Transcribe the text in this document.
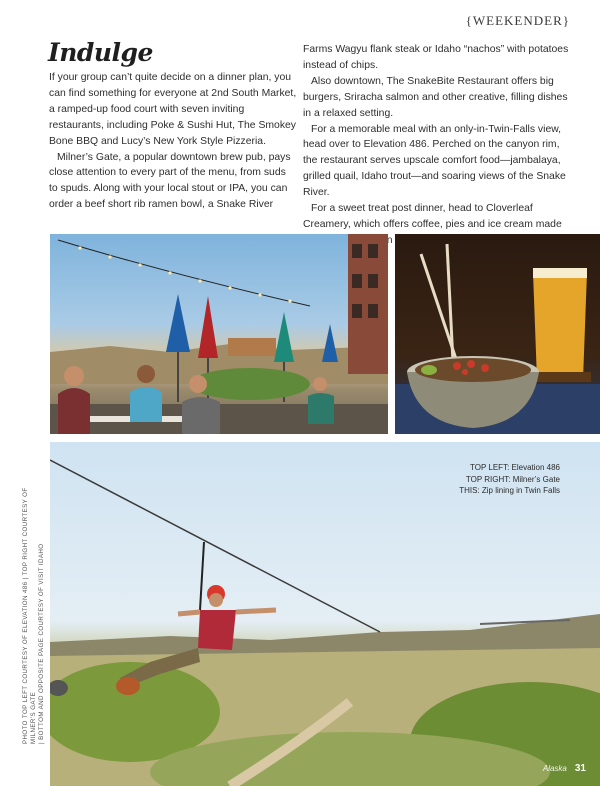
{WEEKENDER}
Indulge

If your group can’t quite decide on a dinner plan, you can find something for everyone at 2nd South Market, a ramped-up food court with seven inviting restaurants, including Poke & Sushi Hut, The Smokey Bone BBQ and Lucy’s New York Style Pizzeria.

Milner’s Gate, a popular downtown brew pub, pays close attention to every part of the menu, from suds to spuds. Along with your local stout or IPA, you can order a beef short rib ramen bowl, a Snake River

Farms Wagyu flank steak or Idaho “nachos” with potatoes instead of chips.

Also downtown, The SnakeBite Restaurant offers big burgers, Sriracha salmon and other creative, filling dishes in a relaxed setting.

For a memorable meal with an only-in-Twin-Falls view, head over to Elevation 486. Perched on the canyon rim, the restaurant serves upscale comfort food—jambalaya, grilled quail, Idaho trout—and soaring views of the Snake River.

For a sweet treat post dinner, head to Cloverleaf Creamery, which offers coffee, pies and ice cream made in

TOP LEFT: Elevation 486
TOP RIGHT: Milner’s Gate
THIS: Zip lining in Twin Falls
PHOTO TOP LEFT COURTESY OF ELEVATION 486 | TOP RIGHT COURTESY OF MILNER’S GATE | BOTTOM AND OPPOSITE PAGE COURTESY OF VISIT IDAHO
Alaska 31
